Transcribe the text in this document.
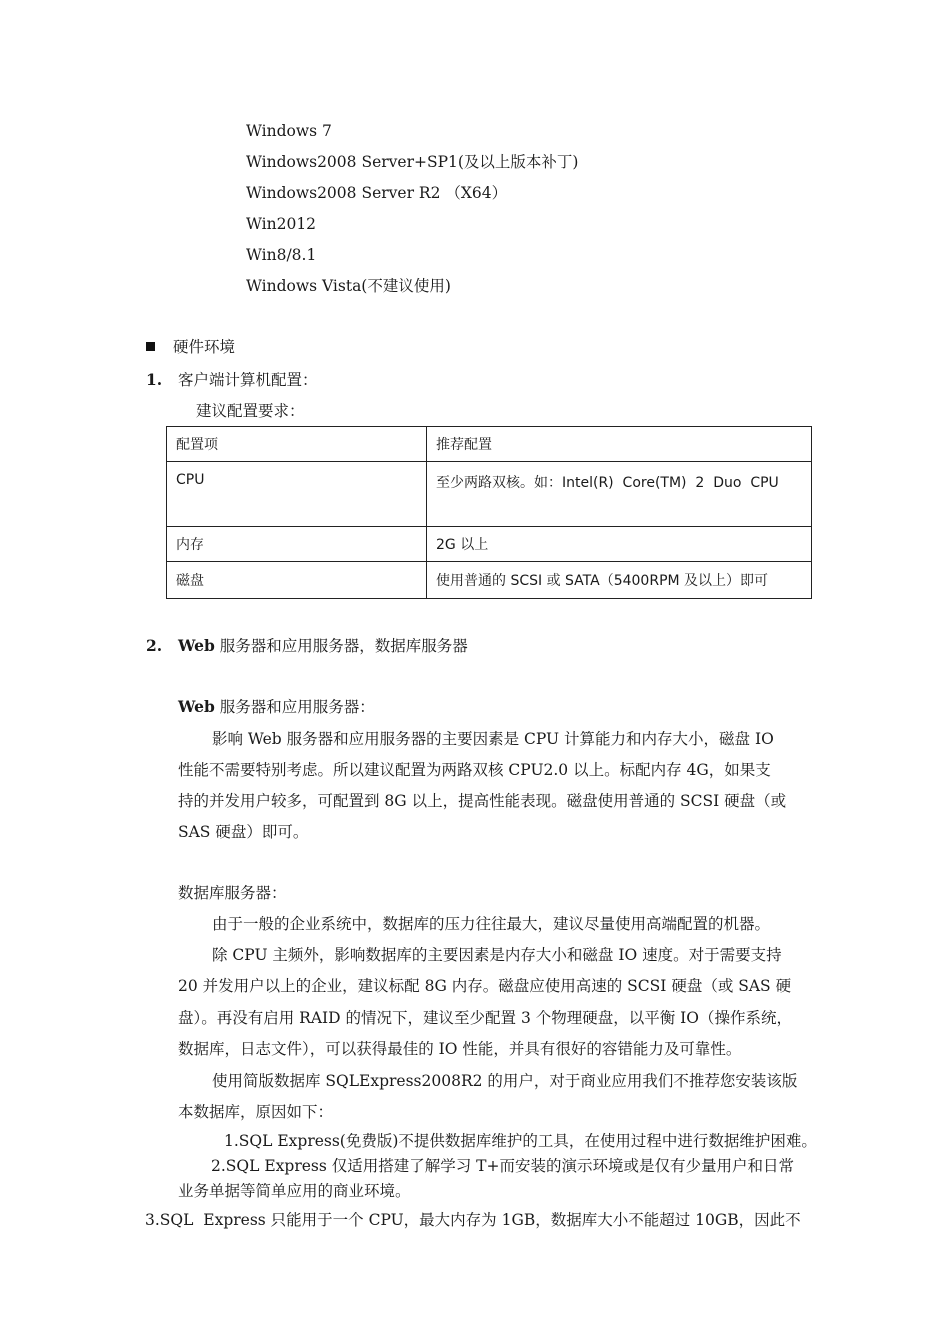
Windows 7
Windows2008 Server+SP1(及以上版本补丁)
Windows2008 Server R2 （X64）
Win2012
Win8/8.1
Windows Vista(不建议使用)
硬件环境
1. 客户端计算机配置：
建议配置要求：
配置项	推荐配置
CPU	至少两路双核。如：Intel(R)  Core(TM)  2  Duo  CPU
内存	2G 以上
磁盘	使用普通的 SCSI 或 SATA（5400RPM 及以上）即可
2. Web 服务器和应用服务器，数据库服务器
Web 服务器和应用服务器：
影响 Web 服务器和应用服务器的主要因素是 CPU 计算能力和内存大小，磁盘 IO
性能不需要特别考虑。所以建议配置为两路双核 CPU2.0 以上。标配内存 4G，如果支
持的并发用户较多，可配置到 8G 以上，提高性能表现。磁盘使用普通的 SCSI 硬盘（或
SAS 硬盘）即可。
数据库服务器：
由于一般的企业系统中，数据库的压力往往最大，建议尽量使用高端配置的机器。
除 CPU 主频外，影响数据库的主要因素是内存大小和磁盘 IO 速度。对于需要支持
20 并发用户以上的企业，建议标配 8G 内存。磁盘应使用高速的 SCSI 硬盘（或 SAS 硬
盘）。再没有启用 RAID 的情况下，建议至少配置 3 个物理硬盘，以平衡 IO（操作系统，
数据库，日志文件），可以获得最佳的 IO 性能，并具有很好的容错能力及可靠性。
使用简版数据库 SQLExpress2008R2 的用户，对于商业应用我们不推荐您安装该版
本数据库，原因如下：
1.SQL Express(免费版)不提供数据库维护的工具，在使用过程中进行数据维护困难。
2.SQL Express 仅适用搭建了解学习 T+而安装的演示环境或是仅有少量用户和日常
业务单据等简单应用的商业环境。
3.SQL  Express 只能用于一个 CPU，最大内存为 1GB，数据库大小不能超过 10GB，因此不
